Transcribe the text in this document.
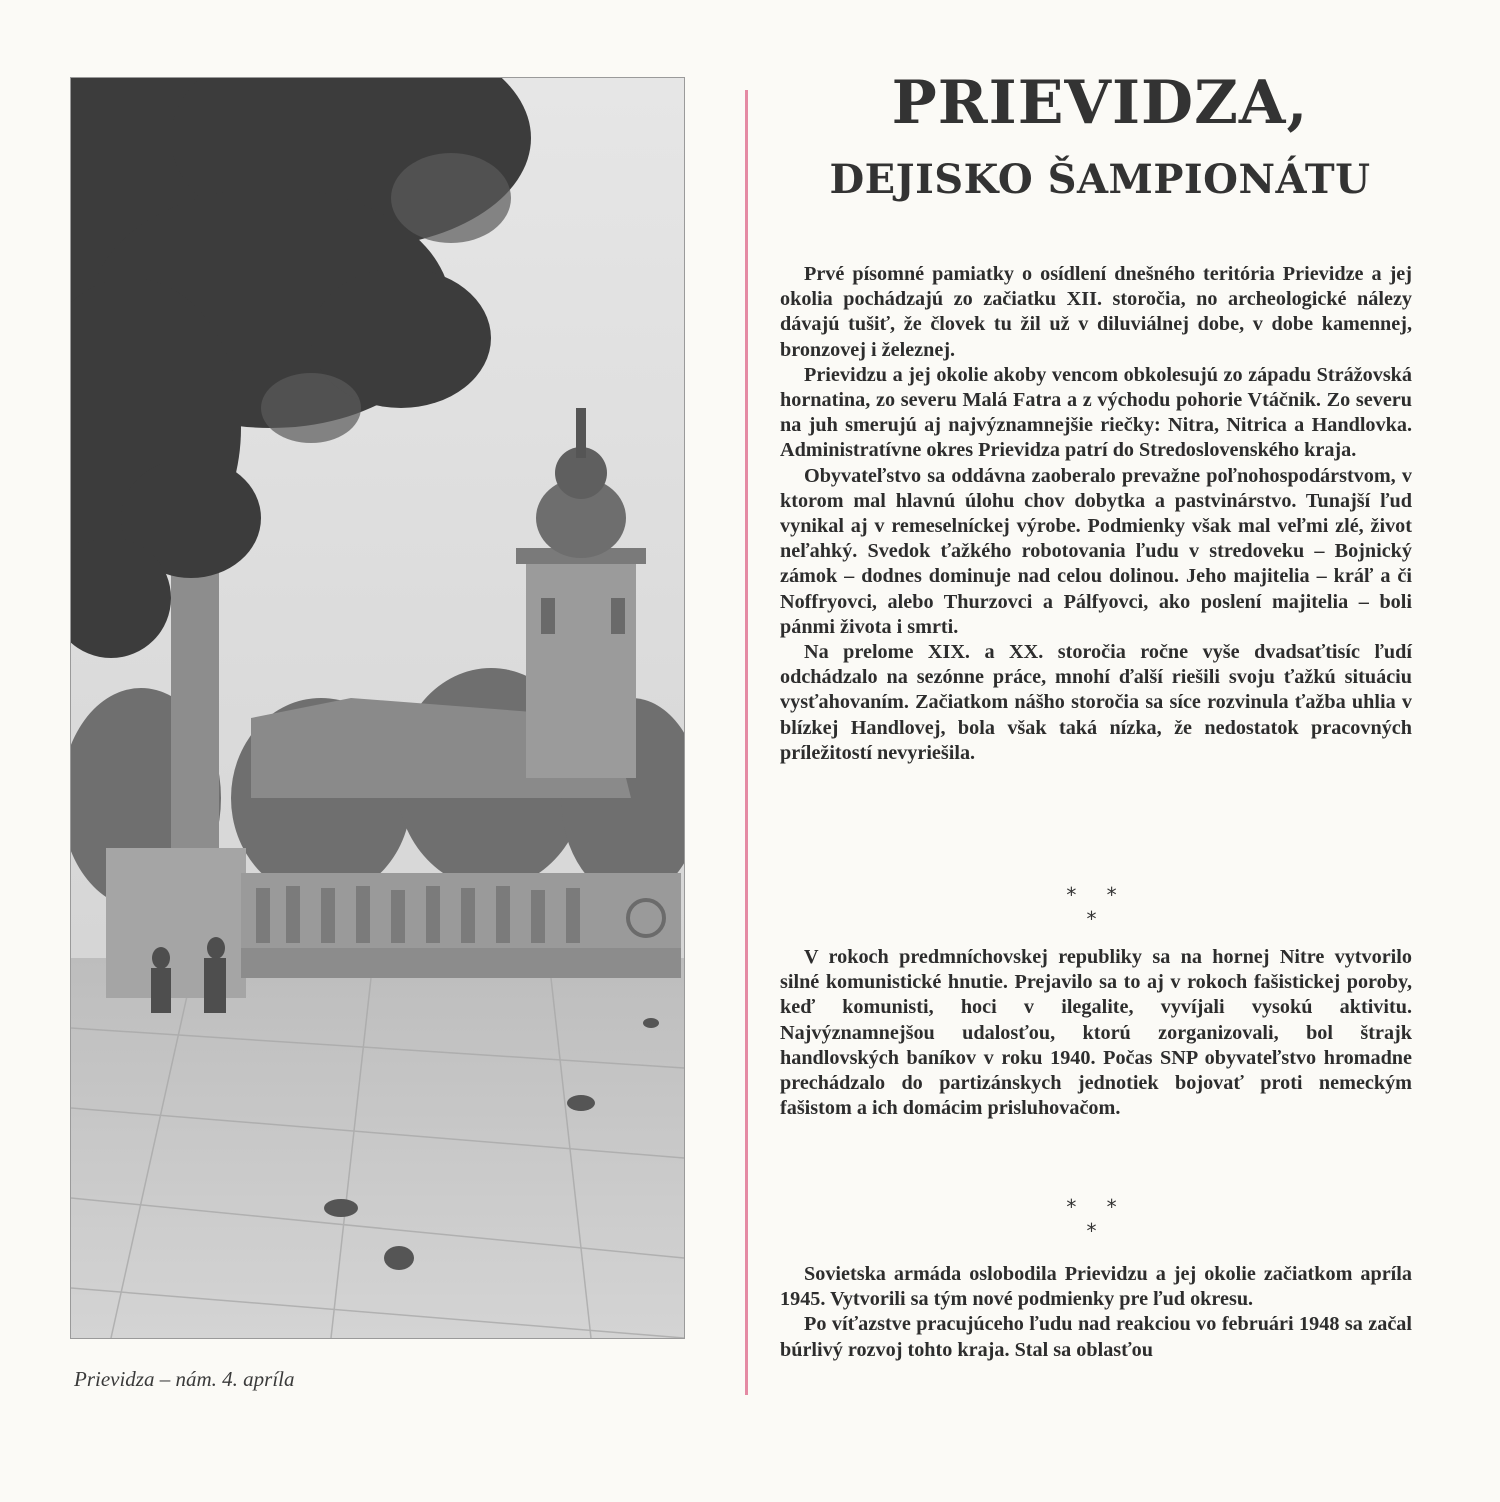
Prievidza – nám. 4. apríla
PRIEVIDZA,
DEJISKO ŠAMPIONÁTU

Prvé písomné pamiatky o osídlení dnešného teritória Prievidze a jej okolia pochádzajú zo začiatku XII. storočia, no archeologické nálezy dávajú tušiť, že človek tu žil už v diluviálnej dobe, v dobe kamennej, bronzovej i železnej.

Prievidzu a jej okolie akoby vencom obkolesujú zo západu Strážovská hornatina, zo severu Malá Fatra a z východu pohorie Vtáčnik. Zo severu na juh smerujú aj najvýznamnejšie riečky: Nitra, Nitrica a Handlovka. Administratívne okres Prievidza patrí do Stredoslovenského kraja.

Obyvateľstvo sa oddávna zaoberalo prevažne poľnohospodárstvom, v ktorom mal hlavnú úlohu chov dobytka a pastvinárstvo. Tunajší ľud vynikal aj v remeselníckej výrobe. Podmienky však mal veľmi zlé, život neľahký. Svedok ťažkého robotovania ľudu v stredoveku – Bojnický zámok – dodnes dominuje nad celou dolinou. Jeho majitelia – kráľ a či Noffryovci, alebo Thurzovci a Pálfyovci, ako poslení majitelia – boli pánmi života i smrti.

Na prelome XIX. a XX. storočia ročne vyše dvadsaťtisíc ľudí odchádzalo na sezónne práce, mnohí ďalší riešili svoju ťažkú situáciu vysťahovaním. Začiatkom nášho storočia sa síce rozvinula ťažba uhlia v blízkej Handlovej, bola však taká nízka, že nedostatok pracovných príležitostí nevyriešila.

* * *

V rokoch predmníchovskej republiky sa na hornej Nitre vytvorilo silné komunistické hnutie. Prejavilo sa to aj v rokoch fašistickej poroby, keď komunisti, hoci v ilegalite, vyvíjali vysokú aktivitu. Najvýznamnejšou udalosťou, ktorú zorganizovali, bol štrajk handlovských baníkov v roku 1940. Počas SNP obyvateľstvo hromadne prechádzalo do partizánskych jednotiek bojovať proti nemeckým fašistom a ich domácim prisluhovačom.

* * *

Sovietska armáda oslobodila Prievidzu a jej okolie začiatkom apríla 1945. Vytvorili sa tým nové podmienky pre ľud okresu.

Po víťazstve pracujúceho ľudu nad reakciou vo februári 1948 sa začal búrlivý rozvoj tohto kraja. Stal sa oblasťou
